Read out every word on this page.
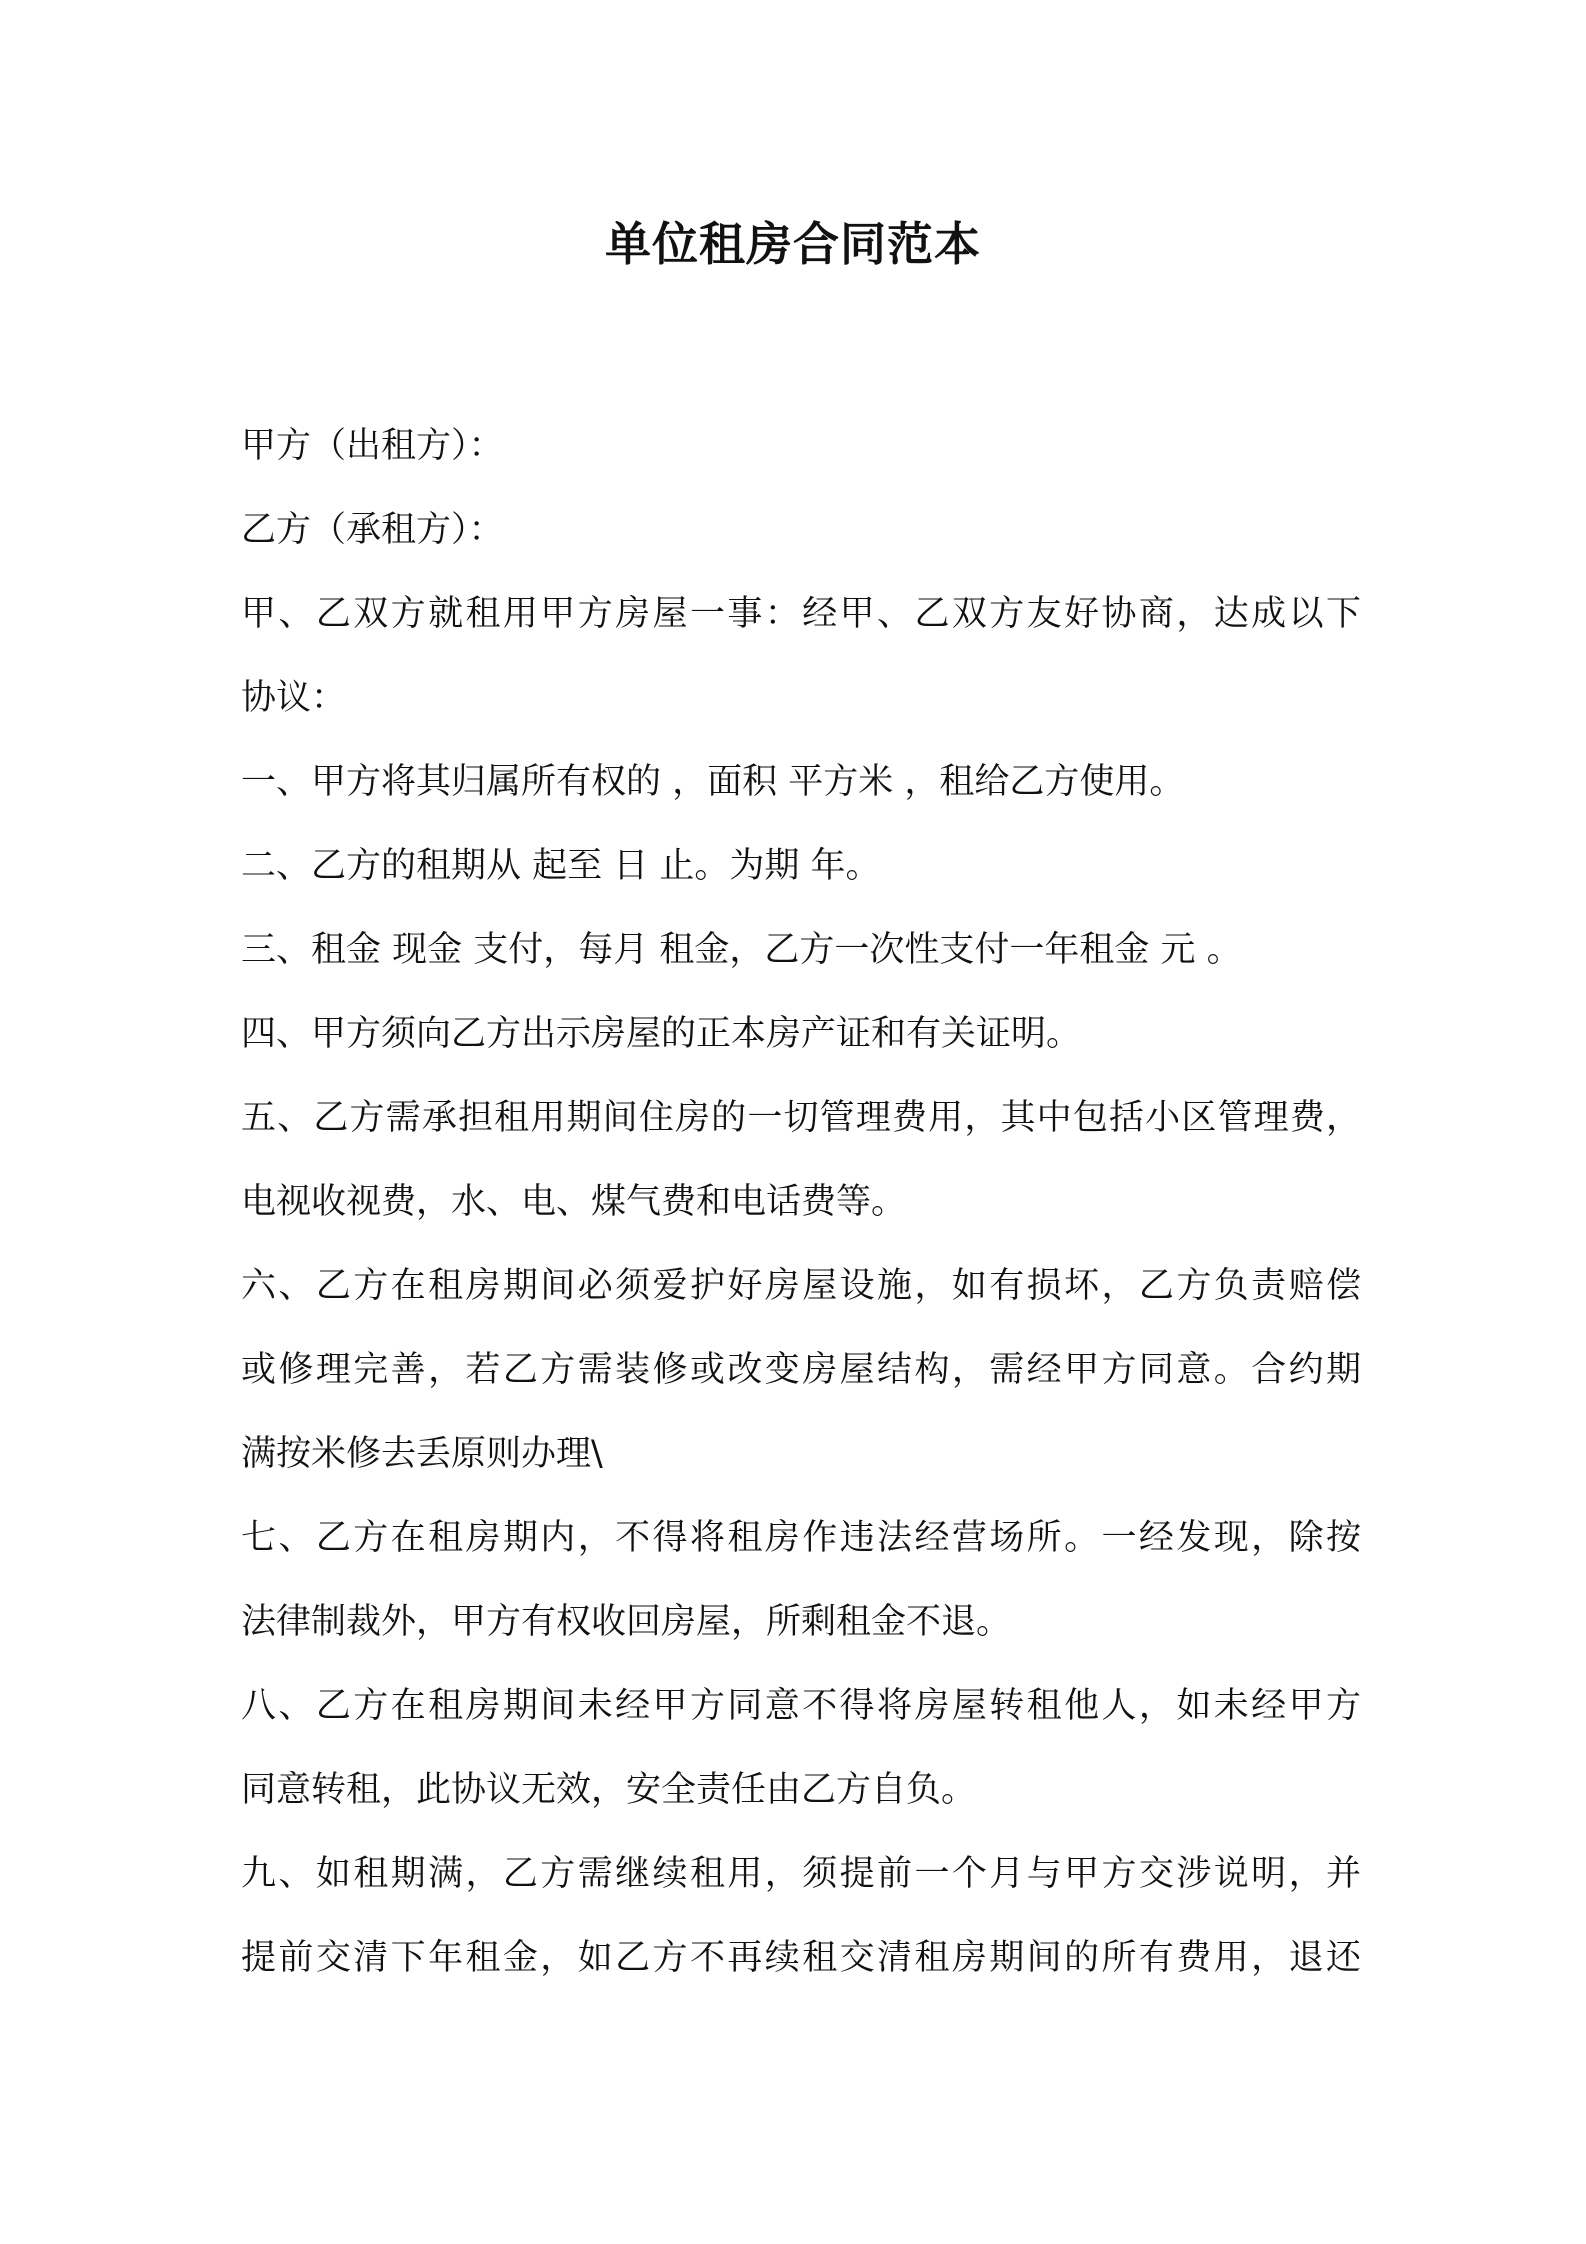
单位租房合同范本
甲方（出租方）：
乙方（承租方）：
甲、乙双方就租用甲方房屋一事：经甲、乙双方友好协商，达成以下
协议：
一、甲方将其归属所有权的 ，面积 平方米 ，租给乙方使用。
二、乙方的租期从 起至 日 止。为期 年。
三、租金 现金 支付，每月 租金，乙方一次性支付一年租金 元 。
四、甲方须向乙方出示房屋的正本房产证和有关证明。
五、乙方需承担租用期间住房的一切管理费用，其中包括小区管理费，
电视收视费，水、电、煤气费和电话费等。
六、乙方在租房期间必须爱护好房屋设施，如有损坏，乙方负责赔偿
或修理完善，若乙方需装修或改变房屋结构，需经甲方同意。合约期
满按米修去丢原则办理\
七、乙方在租房期内，不得将租房作违法经营场所。一经发现，除按
法律制裁外，甲方有权收回房屋，所剩租金不退。
八、乙方在租房期间未经甲方同意不得将房屋转租他人，如未经甲方
同意转租，此协议无效，安全责任由乙方自负。
九、如租期满，乙方需继续租用，须提前一个月与甲方交涉说明，并
提前交清下年租金，如乙方不再续租交清租房期间的所有费用，退还
